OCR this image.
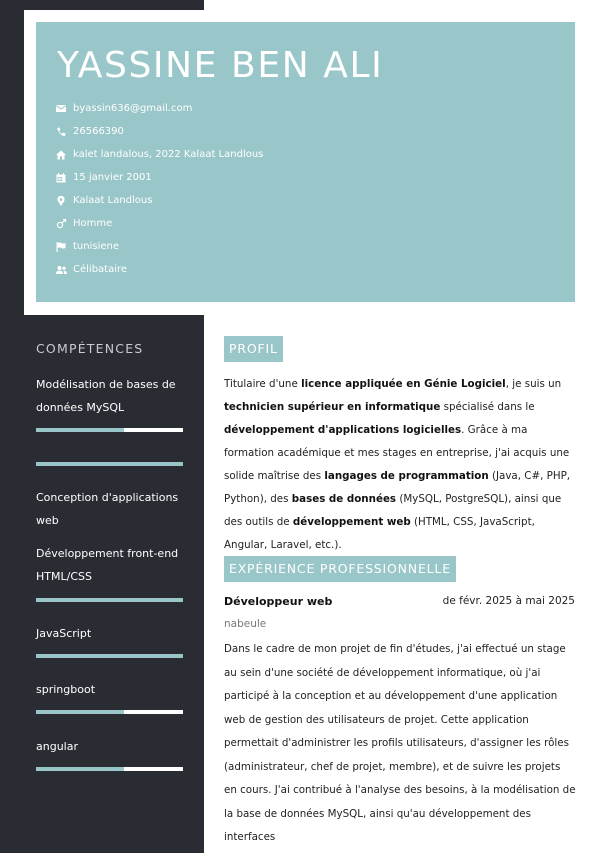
YASSINE BEN ALI
byassin636@gmail.com
26566390
kalet landalous, 2022 Kalaat Landlous
15 janvier 2001
Kalaat Landlous
Homme
tunisiene
Célibataire
COMPÉTENCES
Modélisation de bases de données MySQL
Conception d'applications web
Développement front-end HTML/CSS
JavaScript
springboot
angular
PROFIL

Titulaire d'une licence appliquée en Génie Logiciel, je suis un technicien supérieur en informatique spécialisé dans le développement d'applications logicielles. Grâce à ma formation académique et mes stages en entreprise, j'ai acquis une solide maîtrise des langages de programmation (Java, C#, PHP, Python), des bases de données (MySQL, PostgreSQL), ainsi que des outils de développement web (HTML, CSS, JavaScript, Angular, Laravel, etc.).

EXPÉRIENCE PROFESSIONNELLE
Développeur web	de févr. 2025 à mai 2025
nabeule

Dans le cadre de mon projet de fin d'études, j'ai effectué un stage au sein d'une société de développement informatique, où j'ai participé à la conception et au développement d'une application web de gestion des utilisateurs de projet. Cette application permettait d'administrer les profils utilisateurs, d'assigner les rôles (administrateur, chef de projet, membre), et de suivre les projets en cours. J'ai contribué à l'analyse des besoins, à la modélisation de la base de données MySQL, ainsi qu'au développement des interfaces
